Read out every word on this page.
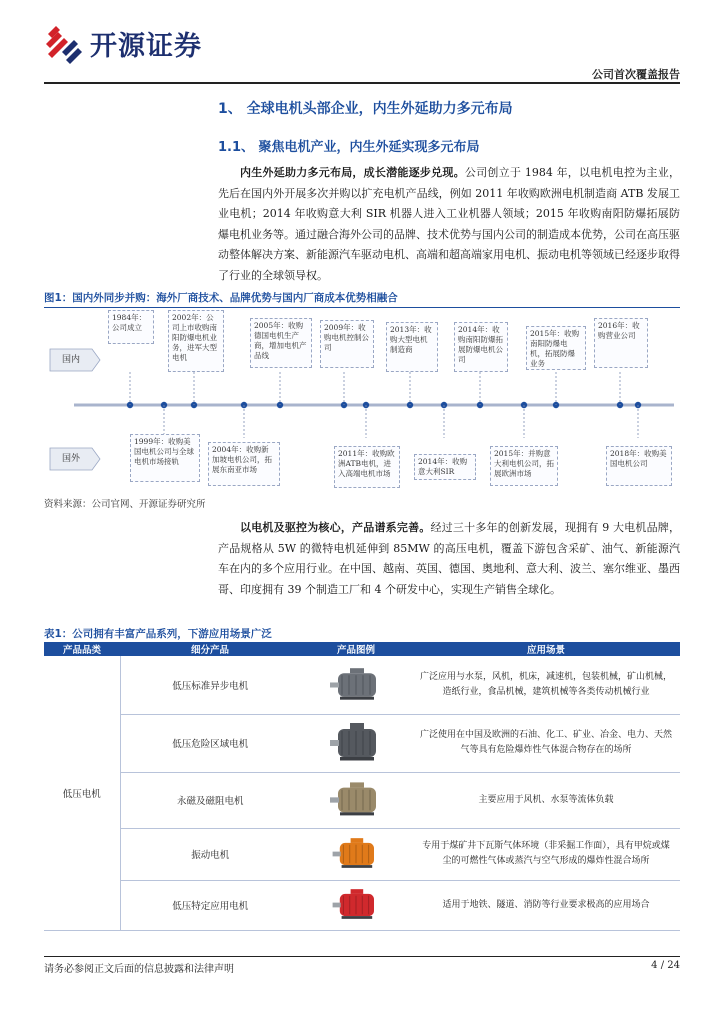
开源证券
公司首次覆盖报告
1、 全球电机头部企业，内生外延助力多元布局
1.1、 聚焦电机产业，内生外延实现多元布局
内生外延助力多元布局，成长潜能逐步兑现。公司创立于 1984 年，以电机电控为主业，先后在国内外开展多次并购以扩充电机产品线，例如 2011 年收购欧洲电机制造商 ATB 发展工业电机；2014 年收购意大利 SIR 机器人进入工业机器人领域；2015 年收购南阳防爆拓展防爆电机业务等。通过融合海外公司的品牌、技术优势与国内公司的制造成本优势，公司在高压驱动整体解决方案、新能源汽车驱动电机、高端和超高端家用电机、振动电机等领域已经逐步取得了行业的全球领导权。
图1：国内外同步并购：海外厂商技术、品牌优势与国内厂商成本优势相融合
国内
国外
1984年：公司成立
2002年：公司上市收购南阳防爆电机业务，进军大型电机
2005年：收购德国电机生产商，增加电机产品线
2009年：收购电机控制公司
2013年：收购大型电机制造商
2014年：收购南阳防爆拓展防爆电机公司
2015年：收购南阳防爆电机，拓展防爆业务
2016年：收购营业公司
1999年：收购美国电机公司与全球电机市场接轨
2004年：收购新加坡电机公司，拓展东南亚市场
2011年：收购欧洲ATB电机，进入高端电机市场
2014年：收购意大利SIR
2015年：并购意大利电机公司，拓展欧洲市场
2018年：收购美国电机公司
资料来源：公司官网、开源证券研究所
以电机及驱控为核心，产品谱系完善。经过三十多年的创新发展，现拥有 9 大电机品牌，产品规格从 5W 的微特电机延伸到 85MW 的高压电机，覆盖下游包含采矿、油气、新能源汽车在内的多个应用行业。在中国、越南、英国、德国、奥地利、意大利、波兰、塞尔维亚、墨西哥、印度拥有 39 个制造工厂和 4 个研发中心，实现生产销售全球化。
表1：公司拥有丰富产品系列，下游应用场景广泛
产品品类	细分产品	产品图例	应用场景
低压电机	低压标准异步电机		广泛应用与水泵，风机，机床，减速机，包装机械，矿山机械，造纸行业，食品机械，建筑机械等各类传动机械行业
	低压危险区域电机		广泛使用在中国及欧洲的石油、化工、矿业、冶金、电力、天然气等具有危险爆炸性气体混合物存在的场所
	永磁及磁阻电机		主要应用于风机、水泵等流体负载
	振动电机		专用于煤矿井下瓦斯气体环境（非采掘工作面），具有甲烷或煤尘的可燃性气体或蒸汽与空气形成的爆炸性混合场所
	低压特定应用电机		适用于地铁、隧道、消防等行业要求极高的应用场合
请务必参阅正文后面的信息披露和法律声明	4 / 24
